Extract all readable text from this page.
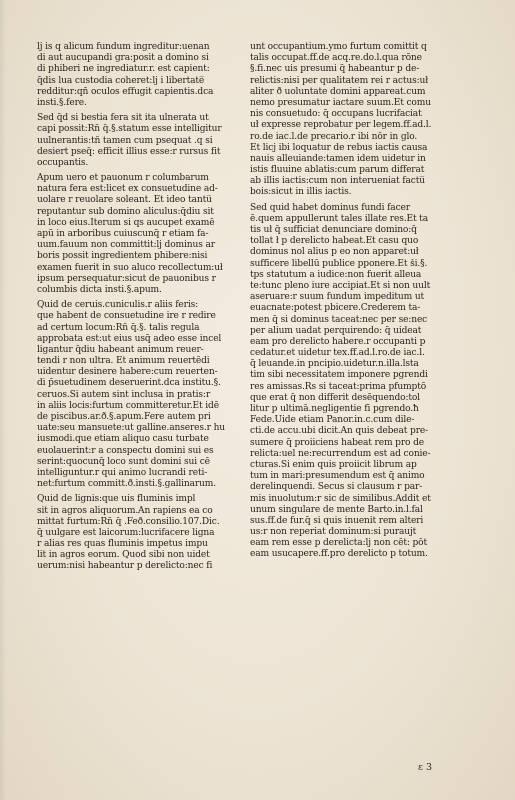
lj is q alicum fundum ingreditur:uenan
di aut aucupandi gra:posit a domino si
di phiberi ne ingrediatur.r. est capient:
q̄dis lua custodia coheret:lj i libertate̅
redditur:qñ oculos effugit capientis.dca
insti.§.fere.
Sed q̄d si bestia fera sit ita ulnerata ut
capi possit:Rn̄ q̄.§.statum esse intelligitur
uulnerantis:tñ tamen cum psequat .q si
desiert pseq̄: efficit illius esse:r rursus fit
occupantis.
Apum uero et pauonum r columbarum
natura fera est:licet ex consuetudine ad-
uolare r reuolare soleant. Et ideo tantu̅
reputantur sub domino aliculus:q̄diu sit
in loco eius.Iterum si qs aucupet examē
apū in arboribus cuiuscunq̄ r etiam fa-
uum.fauum non committit:lj dominus ar
boris possit ingredientem phibere:nisi
examen fuerit in suo aluco recollectum:uł
ipsum persequatur:sicut de pauonibus r
columbis dicta insti.§.apum.
Quid de ceruis.cuniculis.r aliis feris:
que habent de consuetudine ire r redire
ad certum locum:Rn̄ q̄.§. talis regula
approbata est:ut eius usq̄ adeo esse incel
ligantur q̄diu habeant animum reuer-
tendi r non ultra. Et animum reuertēdi
uidentur desinere habere:cum reuerten-
di p̄suetudinem deseruerint.dca institu.§.
ceruos.Si autem sint inclusa in pratis:r
in aliis locis:furtum committeretur.Et idē
de piscibus.ar.ð.§.apum.Fere autem pri
uate:seu mansuete:ut galline.anseres.r hu
iusmodi.que etiam aliquo casu turbate
euolauerint:r a conspectu domini sui es
serint:quocunq̄ loco sunt domini sui cē
intelliguntur.r qui animo lucrandi reti-
net:furtum committ.ð.insti.§.gallinarum.
Quid de lignis:que uis fluminis impl
sit in agros aliquorum.An rapiens ea co
mittat furtum:Rn̄ q̄ .Feð.consilio.107.Dic.
q̄ uulgare est laicorum:lucrifacere ligna
r alias res quas fluminis impetus impu
lit in agros eorum. Quod sibi non uidet
uerum:nisi habeantur p derelicto:nec fi
unt occupantium.ymo furtum comittit q
talis occupat.ff.de acq.re.do.l.qua rōne
§.fi.nec uis presumi q̄ habeantur p de-
relictis:nisi per qualitatem rei r actus:uł
aliter ð uoluntate domini appareat.cum
nemo presumatur iactare suum.Et comu
nis consuetudo: q̄ occupans lucrifaciat
uł expresse reprobatur per legem.ff.ad.l.
ro.de iac.l.de precario.r ibi nōr in glo.
Et licj ibi loquatur de rebus iactis causa
nauis alleuiande:tamen idem uidetur in
istis fluuine ablatis:cum parum differat
ab illis iactis:cum non interueniat factu̅
bois:sicut in illis iactis.
Sed quid habet dominus fundi facer
ē.quem appullerunt tales illate res.Et ta
tis uł q̄ sufficiat denunciare domino:q̄
tollat ł p derelicto habeat.Et casu quo
dominus nol alius p eo non apparet:uł
sufficere libellū publice pponere.Et ši.§.
tps statutum a iudice:non fuerit alleua
te:tunc pleno iure accipiat.Et si non uult
aseruare:r suum fundum impeditum ut
euacnate:potest pbicere.Crederem ta-
men q̄ si dominus taceat:nec per se:nec
per alium uadat perquirendo: q̄ uideat
eam pro derelicto habere.r occupanti p
cedatur.et uidetur tex.ff.ad.l.ro.de iac.l.
q̄ leuande.in pncipio.uidetur.n.illa.lsta
tim sibi necessitatem imponere pgrendi
res amissas.Rs si taceat:prima pfumptō
que erat q̄ non differit desēquendo:tol
litur p ultimā.negligentie fi pgrendo.ħ
Fede.Uide etiam Panor.in.c.cum dile-
cti.de accu.ubi dicit.An quis debeat pre-
sumere q̄ proiiciens habeat rem pro de
relicta:uel ne:recurrendum est ad conie-
cturas.Si enim quis proiicit librum ap
tum in mari:presumendum est q̄ animo
derelinquendi. Secus si clausum r par-
mis inuolutum:r sic de similibus.Addit et
unum singulare de mente Barto.in.l.fal
sus.ff.de fur.q̄ si quis inuenit rem alteri
us:r non reperiat dominum:si puraujt
eam rem esse p derelicta:lj non cēt: pōt
eam usucapere.ff.pro derelicto p totum.
ε 3
